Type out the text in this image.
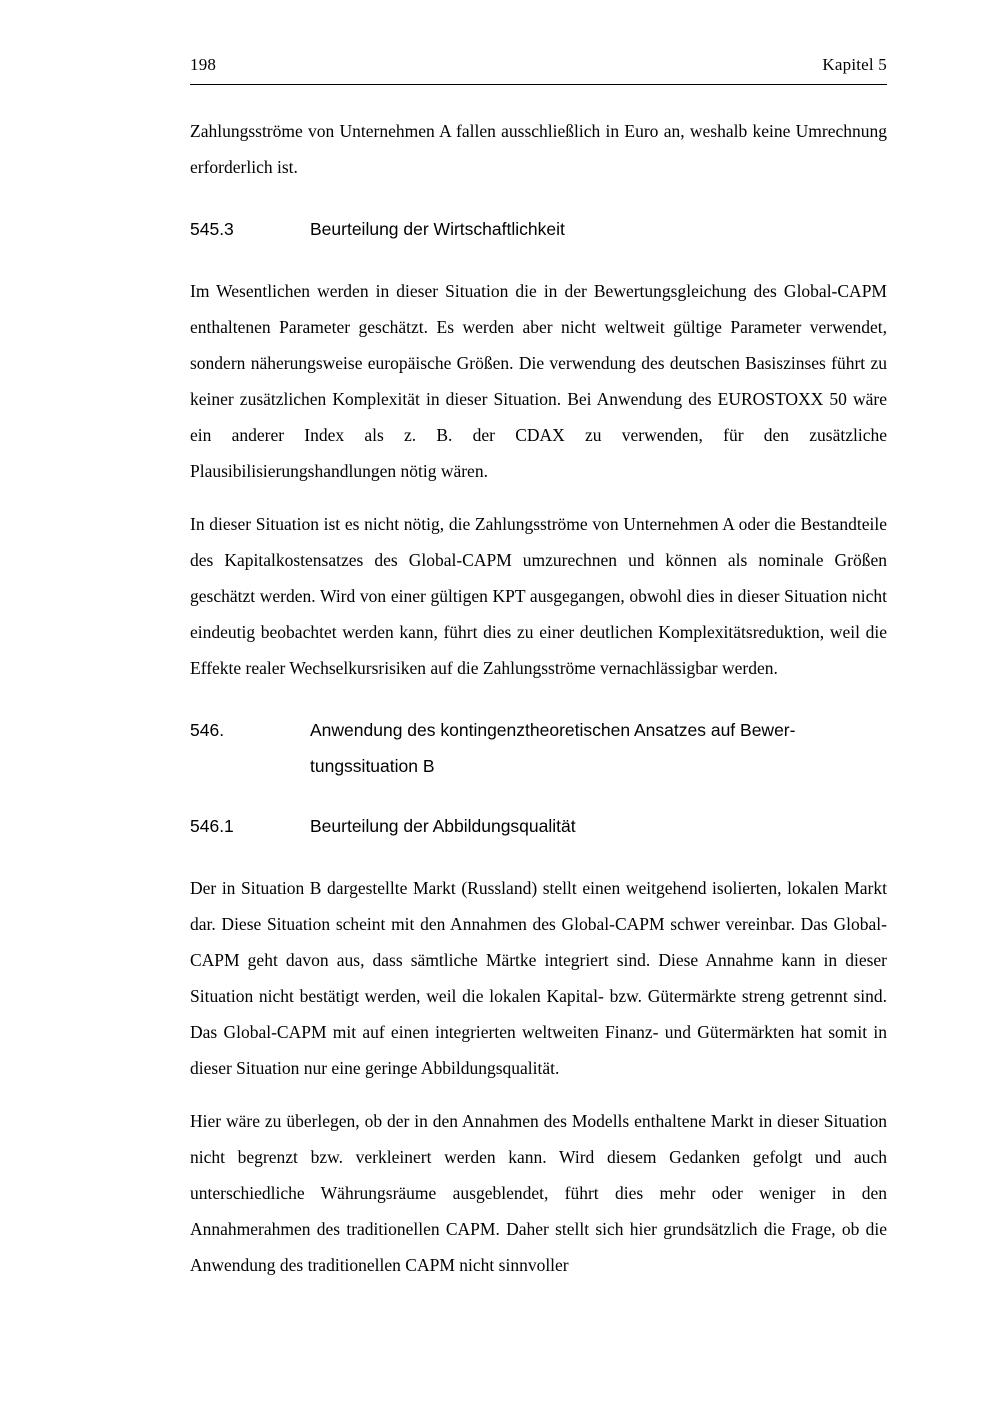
198	Kapitel 5

Zahlungsströme von Unternehmen A fallen ausschließlich in Euro an, weshalb keine Umrechnung erforderlich ist.

545.3	Beurteilung der Wirtschaftlichkeit

Im Wesentlichen werden in dieser Situation die in der Bewertungsgleichung des Global-CAPM enthaltenen Parameter geschätzt. Es werden aber nicht weltweit gültige Parameter verwendet, sondern näherungsweise europäische Größen. Die verwendung des deutschen Basiszinses führt zu keiner zusätzlichen Komplexität in dieser Situation. Bei Anwendung des EUROSTOXX 50 wäre ein anderer Index als z. B. der CDAX zu verwenden, für den zusätzliche Plausibilisierungshandlungen nötig wären.

In dieser Situation ist es nicht nötig, die Zahlungsströme von Unternehmen A oder die Bestandteile des Kapitalkostensatzes des Global-CAPM umzurechnen und können als nominale Größen geschätzt werden. Wird von einer gültigen KPT ausgegangen, obwohl dies in dieser Situation nicht eindeutig beobachtet werden kann, führt dies zu einer deutlichen Komplexitätsreduktion, weil die Effekte realer Wechselkursrisiken auf die Zahlungsströme vernachlässigbar werden.

546.	Anwendung des kontingenztheoretischen Ansatzes auf Bewer-
tungssituation B
546.1	Beurteilung der Abbildungsqualität

Der in Situation B dargestellte Markt (Russland) stellt einen weitgehend isolierten, lokalen Markt dar. Diese Situation scheint mit den Annahmen des Global-CAPM schwer vereinbar. Das Global-CAPM geht davon aus, dass sämtliche Märtke integriert sind. Diese Annahme kann in dieser Situation nicht bestätigt werden, weil die lokalen Kapital- bzw. Gütermärkte streng getrennt sind. Das Global-CAPM mit auf einen integrierten weltweiten Finanz- und Gütermärkten hat somit in dieser Situation nur eine geringe Abbildungsqualität.

Hier wäre zu überlegen, ob der in den Annahmen des Modells enthaltene Markt in dieser Situation nicht begrenzt bzw. verkleinert werden kann. Wird diesem Gedanken gefolgt und auch unterschiedliche Währungsräume ausgeblendet, führt dies mehr oder weniger in den Annahmerahmen des traditionellen CAPM. Daher stellt sich hier grundsätzlich die Frage, ob die Anwendung des traditionellen CAPM nicht sinnvoller
